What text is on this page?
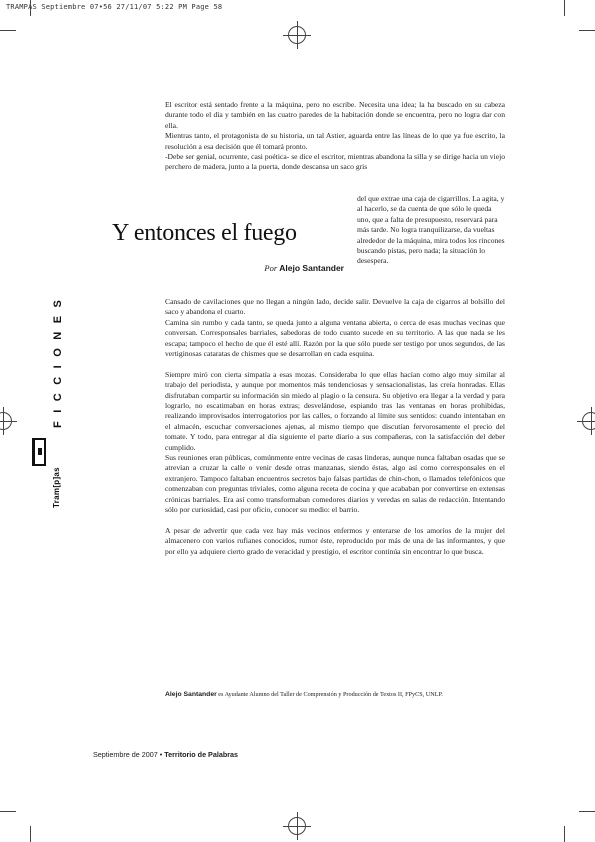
TRAMPAS Septiembre 07•56 27/11/07 5:22 PM Page 58
FICCIONES
Tram[p]as

El escritor está sentado frente a la máquina, pero no escribe. Necesita una idea; la ha buscado en su cabeza durante todo el día y también en las cuatro paredes de la habitación donde se encuentra, pero no logra dar con ella.

Mientras tanto, el protagonista de su historia, un tal Astier, aguarda entre las líneas de lo que ya fue escrito, la resolución a esa decisión que él tomará pronto.

-Debe ser genial, ocurrente, casi poética- se dice el escritor, mientras abandona la silla y se dirige hacia un viejo perchero de madera, junto a la puerta, donde descansa un saco gris

Y entonces el fuego
Por Alejo Santander

del que extrae una caja de cigarrillos. La agita, y al hacerlo, se da cuenta de que sólo le queda uno, que a falta de presupuesto, reservará para más tarde. No logra tranquilizarse, da vueltas alrededor de la máquina, mira todos los rincones buscando pistas, pero nada; la situación lo desespera.

Cansado de cavilaciones que no llegan a ningún lado, decide salir. Devuelve la caja de cigarros al bolsillo del saco y abandona el cuarto.

Camina sin rumbo y cada tanto, se queda junto a alguna ventana abierta, o cerca de esas muchas vecinas que conversan. Corresponsales barriales, sabedoras de todo cuanto sucede en su territorio. A las que nada se les escapa; tampoco el hecho de que él esté allí. Razón por la que sólo puede ser testigo por unos segundos, de las vertiginosas cataratas de chismes que se desarrollan en cada esquina.

Siempre miró con cierta simpatía a esas mozas. Consideraba lo que ellas hacían como algo muy similar al trabajo del periodista, y aunque por momentos más tendenciosas y sensacionalistas, las creía honradas. Ellas disfrutaban compartir su información sin miedo al plagio o la censura. Su objetivo era llegar a la verdad y para lograrlo, no escatimaban en horas extras; desvelándose, espiando tras las ventanas en horas prohibidas, realizando improvisados interrogatorios por las calles, o forzando al límite sus sentidos: cuando intentaban en el almacén, escuchar conversaciones ajenas, al mismo tiempo que discutían fervorosamente el precio del tomate. Y todo, para entregar al día siguiente el parte diario a sus compañeras, con la satisfacción del deber cumplido.

Sus reuniones eran públicas, comúnmente entre vecinas de casas linderas, aunque nunca faltaban osadas que se atrevían a cruzar la calle o venir desde otras manzanas, siendo éstas, algo así como corresponsales en el extranjero. Tampoco faltaban encuentros secretos bajo falsas partidas de chin-chon, o llamados telefónicos que comenzaban con preguntas triviales, como alguna receta de cocina y que acababan por convertirse en extensas crónicas barriales. Era así como transformaban comedores diarios y veredas en salas de redacción. Intentando sólo por curiosidad, casi por oficio, conocer su medio: el barrio.

A pesar de advertir que cada vez hay más vecinos enfermos y enterarse de los amoríos de la mujer del almacenero con varios rufianes conocidos, rumor éste, reproducido por más de una de las informantes, y que por ello ya adquiere cierto grado de veracidad y prestigio, el escritor continúa sin encontrar lo que busca.

Alejo Santander es Ayudante Alumno del Taller de Comprensión y Producción de Textos II, FPyCS, UNLP.
Septiembre de 2007 • Territorio de Palabras
